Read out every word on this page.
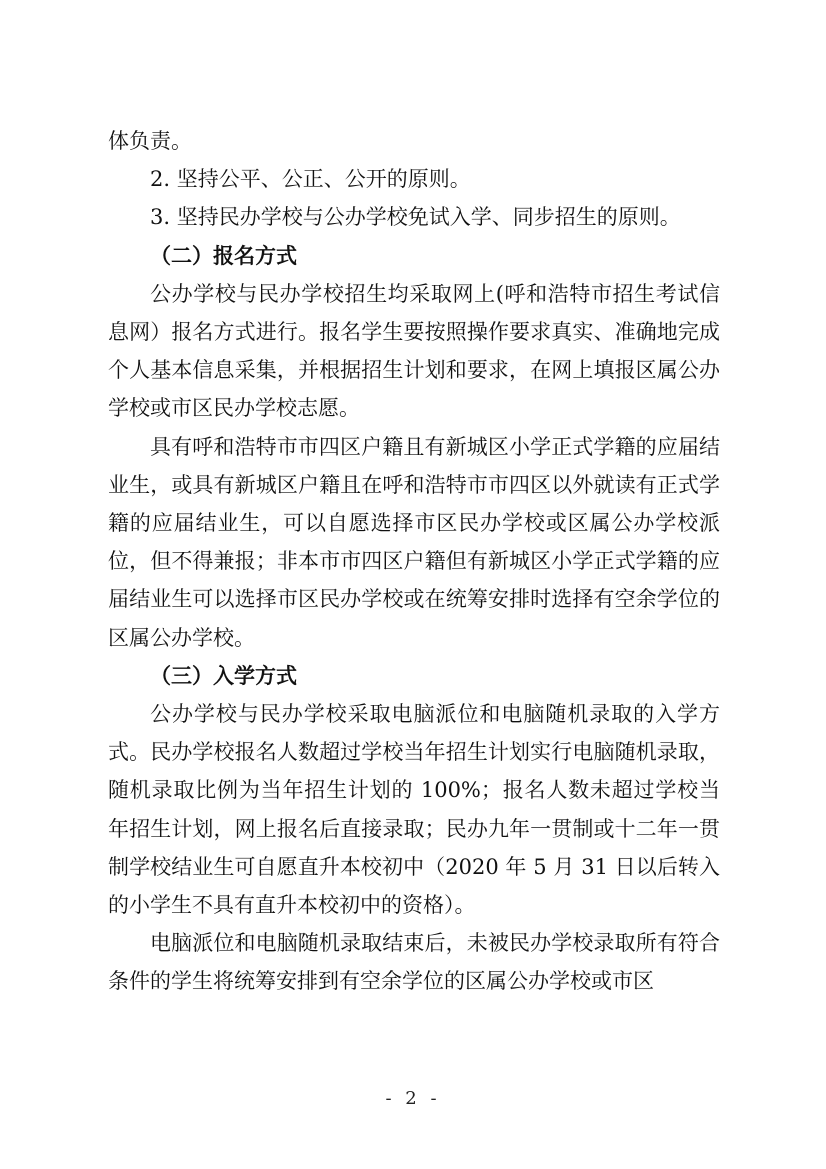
体负责。

2. 坚持公平、公正、公开的原则。

3. 坚持民办学校与公办学校免试入学、同步招生的原则。

（二）报名方式

公办学校与民办学校招生均采取网上(呼和浩特市招生考试信息网）报名方式进行。报名学生要按照操作要求真实、准确地完成个人基本信息采集，并根据招生计划和要求，在网上填报区属公办学校或市区民办学校志愿。

具有呼和浩特市市四区户籍且有新城区小学正式学籍的应届结业生，或具有新城区户籍且在呼和浩特市市四区以外就读有正式学籍的应届结业生，可以自愿选择市区民办学校或区属公办学校派位，但不得兼报；非本市市四区户籍但有新城区小学正式学籍的应届结业生可以选择市区民办学校或在统筹安排时选择有空余学位的区属公办学校。

（三）入学方式

公办学校与民办学校采取电脑派位和电脑随机录取的入学方式。民办学校报名人数超过学校当年招生计划实行电脑随机录取，随机录取比例为当年招生计划的 100%；报名人数未超过学校当年招生计划，网上报名后直接录取；民办九年一贯制或十二年一贯制学校结业生可自愿直升本校初中（2020 年 5 月 31 日以后转入的小学生不具有直升本校初中的资格）。

电脑派位和电脑随机录取结束后，未被民办学校录取所有符合条件的学生将统筹安排到有空余学位的区属公办学校或市区

- 2 -
